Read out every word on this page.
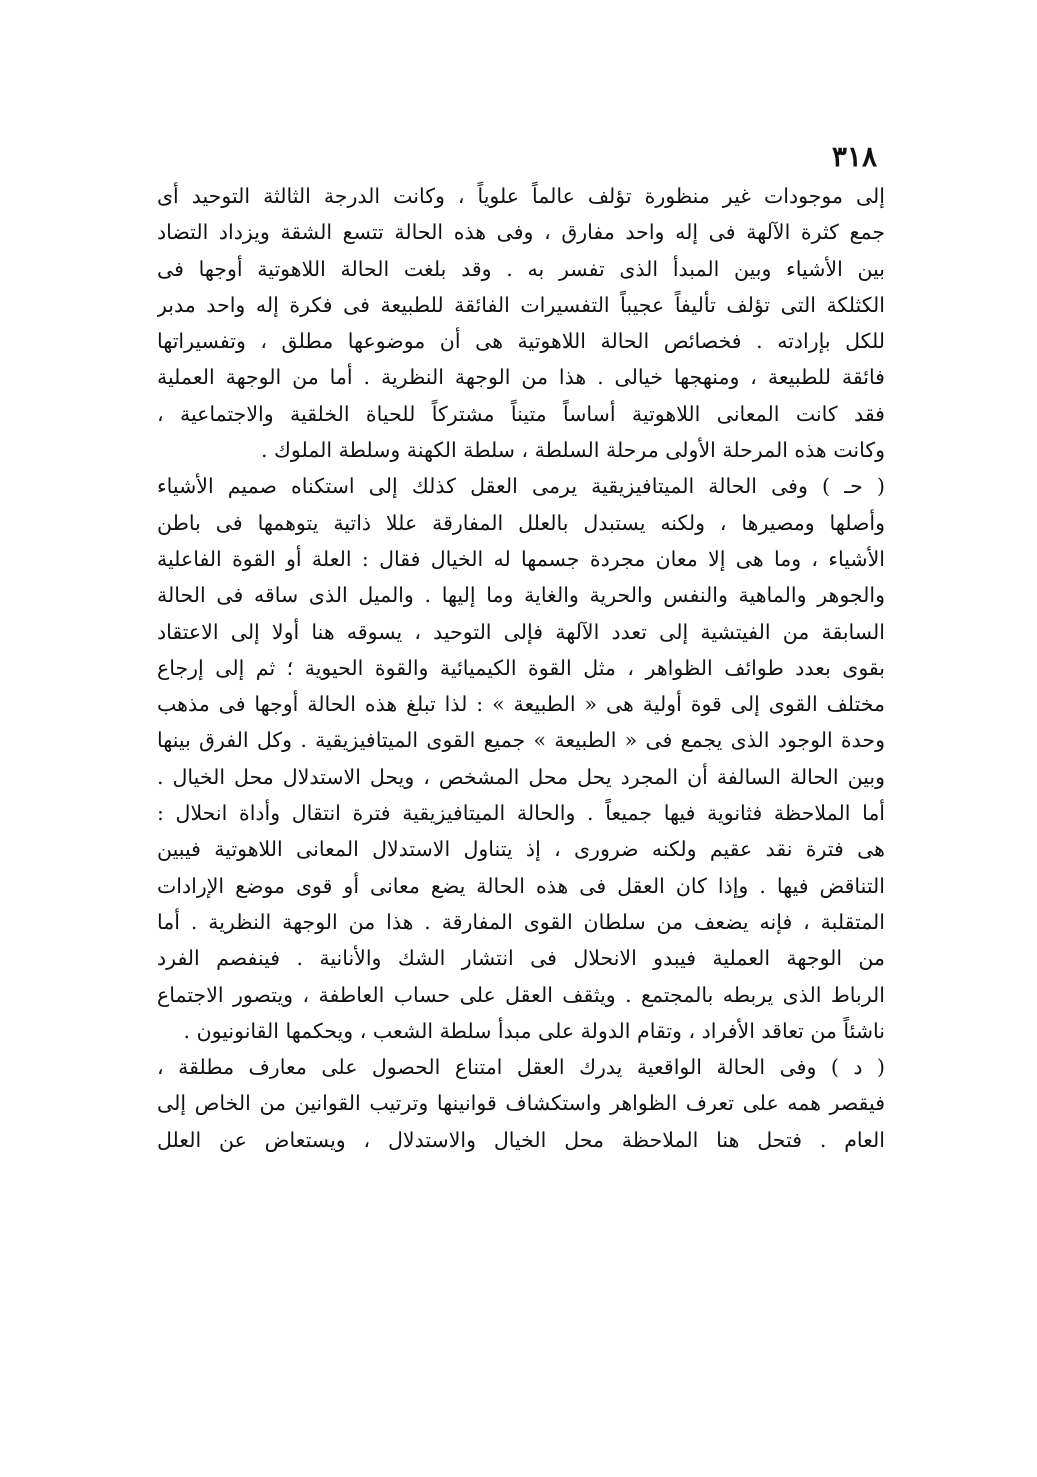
٣١٨
إلى موجودات غير منظورة تؤلف عالماً علوياً ، وكانت الدرجة الثالثة التوحيد أى
جمع كثرة الآلهة فى إله واحد مفارق ، وفى هذه الحالة تتسع الشقة ويزداد التضاد
بين الأشياء وبين المبدأ الذى تفسر به . وقد بلغت الحالة اللاهوتية أوجها فى
الكثلكة التى تؤلف تأليفاً عجيباً التفسيرات الفائقة للطبيعة فى فكرة إله واحد مدبر
للكل بإرادته . فخصائص الحالة اللاهوتية هى أن موضوعها مطلق ، وتفسيراتها
فائقة للطبيعة ، ومنهجها خيالى . هذا من الوجهة النظرية . أما من الوجهة العملية
فقد كانت المعانى اللاهوتية أساساً متيناً مشتركاً للحياة الخلقية والاجتماعية ،
وكانت هذه المرحلة الأولى مرحلة السلطة ، سلطة الكهنة وسلطة الملوك .
( حـ ) وفى الحالة الميتافيزيقية يرمى العقل كذلك إلى استكناه صميم الأشياء
وأصلها ومصيرها ، ولكنه يستبدل بالعلل المفارقة عللا ذاتية يتوهمها فى باطن
الأشياء ، وما هى إلا معان مجردة جسمها له الخيال فقال : العلة أو القوة الفاعلية
والجوهر والماهية والنفس والحرية والغاية وما إليها . والميل الذى ساقه فى الحالة
السابقة من الفيتشية إلى تعدد الآلهة فإلى التوحيد ، يسوقه هنا أولا إلى الاعتقاد
بقوى بعدد طوائف الظواهر ، مثل القوة الكيميائية والقوة الحيوية ؛ ثم إلى إرجاع
مختلف القوى إلى قوة أولية هى « الطبيعة » : لذا تبلغ هذه الحالة أوجها فى مذهب
وحدة الوجود الذى يجمع فى « الطبيعة » جميع القوى الميتافيزيقية . وكل الفرق بينها
وبين الحالة السالفة أن المجرد يحل محل المشخص ، ويحل الاستدلال محل الخيال .
أما الملاحظة فثانوية فيها جميعاً . والحالة الميتافيزيقية فترة انتقال وأداة انحلال :
هى فترة نقد عقيم ولكنه ضرورى ، إذ يتناول الاستدلال المعانى اللاهوتية فيبين
التناقض فيها . وإذا كان العقل فى هذه الحالة يضع معانى أو قوى موضع الإرادات
المتقلبة ، فإنه يضعف من سلطان القوى المفارقة . هذا من الوجهة النظرية . أما
من الوجهة العملية فيبدو الانحلال فى انتشار الشك والأنانية . فينفصم الفرد
الرباط الذى يربطه بالمجتمع . ويثقف العقل على حساب العاطفة ، ويتصور الاجتماع
ناشئاً من تعاقد الأفراد ، وتقام الدولة على مبدأ سلطة الشعب ، ويحكمها القانونيون .
( د ) وفى الحالة الواقعية يدرك العقل امتناع الحصول على معارف مطلقة ،
فيقصر همه على تعرف الظواهر واستكشاف قوانينها وترتيب القوانين من الخاص إلى
العام . فتحل هنا الملاحظة محل الخيال والاستدلال ، ويستعاض عن العلل
